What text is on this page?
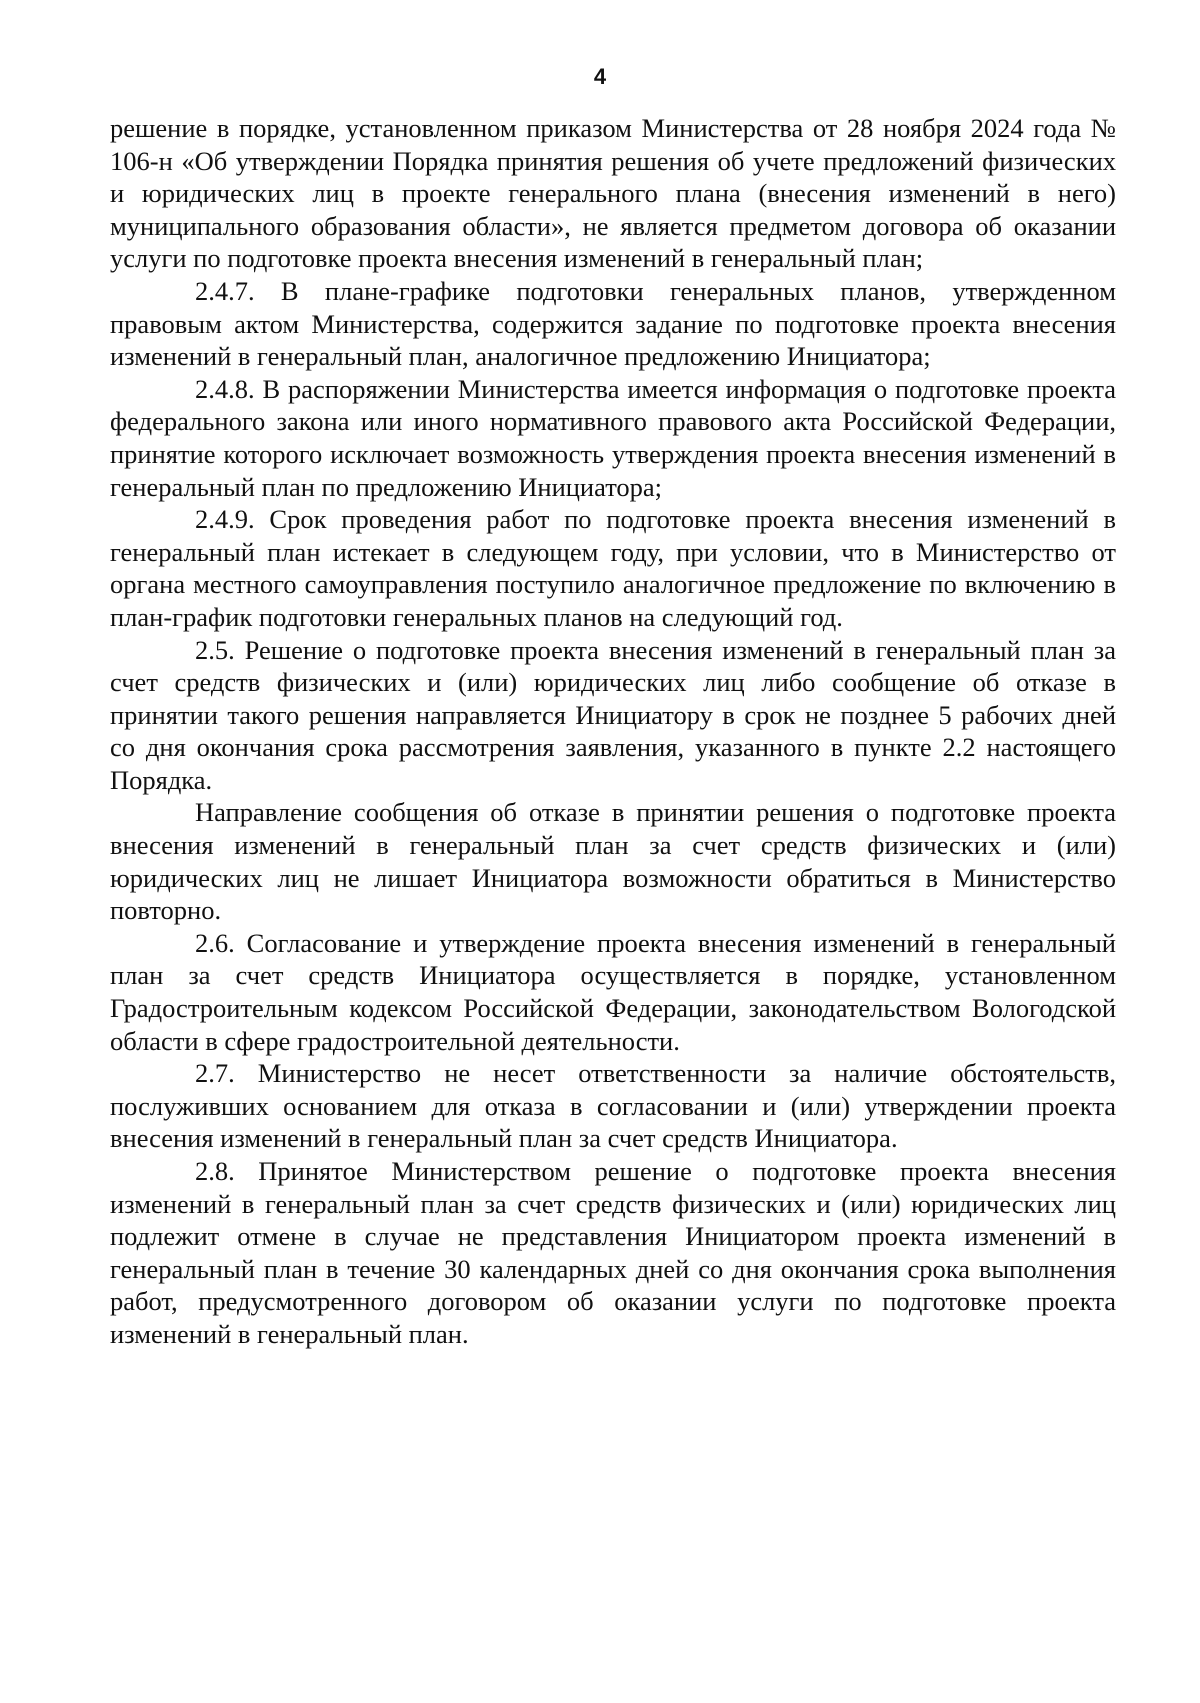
4

решение в порядке, установленном приказом Министерства от 28 ноября 2024 года № 106-н «Об утверждении Порядка принятия решения об учете предложений физических и юридических лиц в проекте генерального плана (внесения изменений в него) муниципального образования области», не является предметом договора об оказании услуги по подготовке проекта внесения изменений в генеральный план;

2.4.7. В плане-графике подготовки генеральных планов, утвержденном правовым актом Министерства, содержится задание по подготовке проекта внесения изменений в генеральный план, аналогичное предложению Инициатора;

2.4.8. В распоряжении Министерства имеется информация о подготовке проекта федерального закона или иного нормативного правового акта Российской Федерации, принятие которого исключает возможность утверждения проекта внесения изменений в генеральный план по предложению Инициатора;

2.4.9. Срок проведения работ по подготовке проекта внесения изменений в генеральный план истекает в следующем году, при условии, что в Министерство от органа местного самоуправления поступило аналогичное предложение по включению в план-график подготовки генеральных планов на следующий год.

2.5. Решение о подготовке проекта внесения изменений в генеральный план за счет средств физических и (или) юридических лиц либо сообщение об отказе в принятии такого решения направляется Инициатору в срок не позднее 5 рабочих дней со дня окончания срока рассмотрения заявления, указанного в пункте 2.2 настоящего Порядка.

Направление сообщения об отказе в принятии решения о подготовке проекта внесения изменений в генеральный план за счет средств физических и (или) юридических лиц не лишает Инициатора возможности обратиться в Министерство повторно.

2.6. Согласование и утверждение проекта внесения изменений в генеральный план за счет средств Инициатора осуществляется в порядке, установленном Градостроительным кодексом Российской Федерации, законодательством Вологодской области в сфере градостроительной деятельности.

2.7. Министерство не несет ответственности за наличие обстоятельств, послуживших основанием для отказа в согласовании и (или) утверждении проекта внесения изменений в генеральный план за счет средств Инициатора.

2.8. Принятое Министерством решение о подготовке проекта внесения изменений в генеральный план за счет средств физических и (или) юридических лиц подлежит отмене в случае не представления Инициатором проекта изменений в генеральный план в течение 30 календарных дней со дня окончания срока выполнения работ, предусмотренного договором об оказании услуги по подготовке проекта изменений в генеральный план.
